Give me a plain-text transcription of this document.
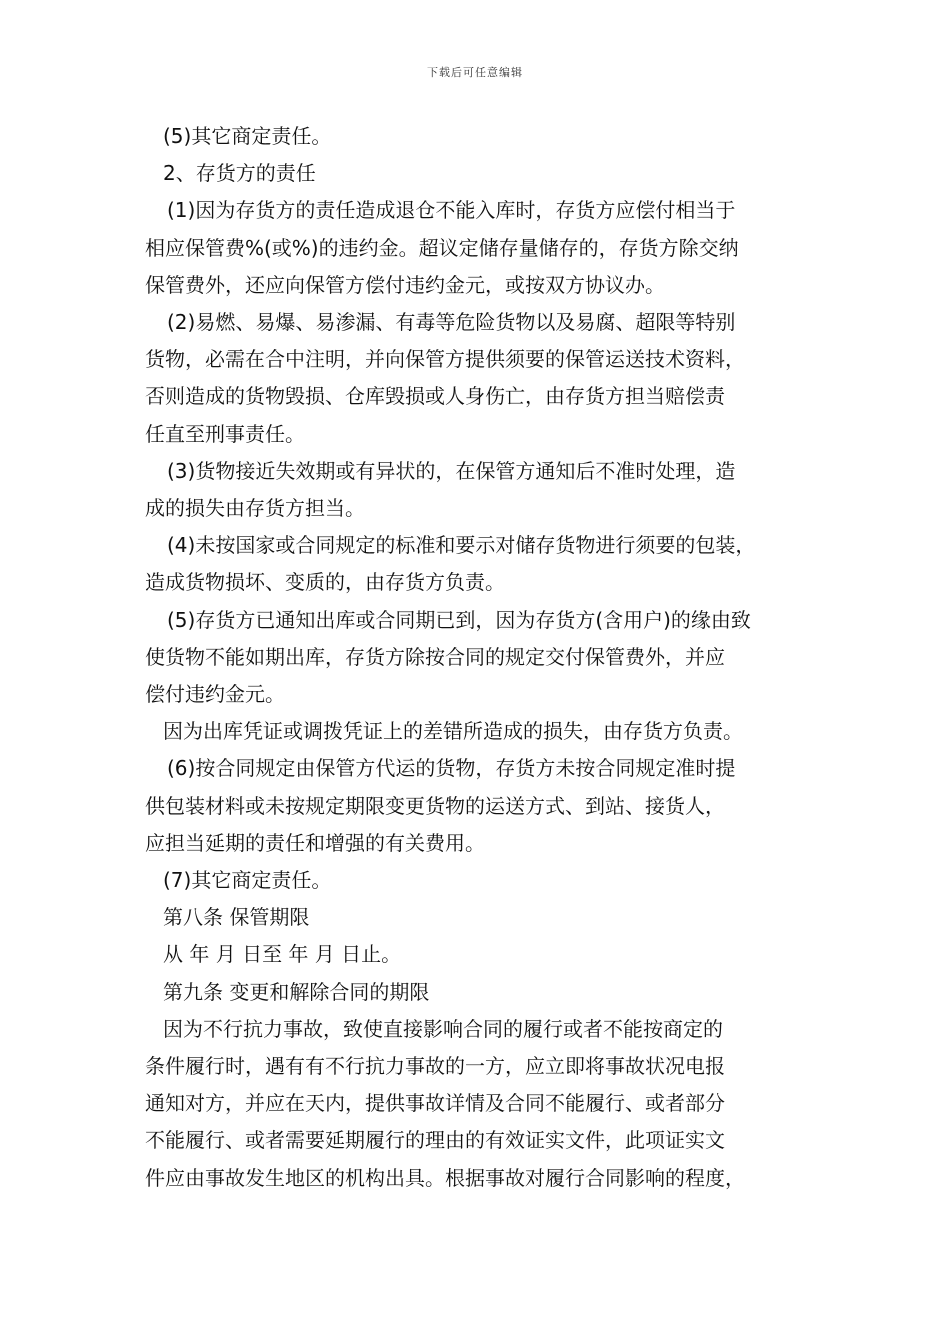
下载后可任意编辑

(5)其它商定责任。

2、存货方的责任

(1)因为存货方的责任造成退仓不能入库时，存货方应偿付相当于

相应保管费%(或%)的违约金。超议定储存量储存的，存货方除交纳

保管费外，还应向保管方偿付违约金元，或按双方协议办。

(2)易燃、易爆、易渗漏、有毒等危险货物以及易腐、超限等特别

货物，必需在合中注明，并向保管方提供须要的保管运送技术资料，

否则造成的货物毁损、仓库毁损或人身伤亡，由存货方担当赔偿责

任直至刑事责任。

(3)货物接近失效期或有异状的，在保管方通知后不准时处理，造

成的损失由存货方担当。

(4)未按国家或合同规定的标准和要示对储存货物进行须要的包装，

造成货物损坏、变质的，由存货方负责。

(5)存货方已通知出库或合同期已到，因为存货方(含用户)的缘由致

使货物不能如期出库，存货方除按合同的规定交付保管费外，并应

偿付违约金元。

因为出库凭证或调拨凭证上的差错所造成的损失，由存货方负责。

(6)按合同规定由保管方代运的货物，存货方未按合同规定准时提

供包装材料或未按规定期限变更货物的运送方式、到站、接货人，

应担当延期的责任和增强的有关费用。

(7)其它商定责任。

第八条 保管期限

从 年 月 日至 年 月 日止。

第九条 变更和解除合同的期限

因为不行抗力事故，致使直接影响合同的履行或者不能按商定的

条件履行时，遇有有不行抗力事故的一方，应立即将事故状况电报

通知对方，并应在天内，提供事故详情及合同不能履行、或者部分

不能履行、或者需要延期履行的理由的有效证实文件，此项证实文

件应由事故发生地区的机构出具。根据事故对履行合同影响的程度，
